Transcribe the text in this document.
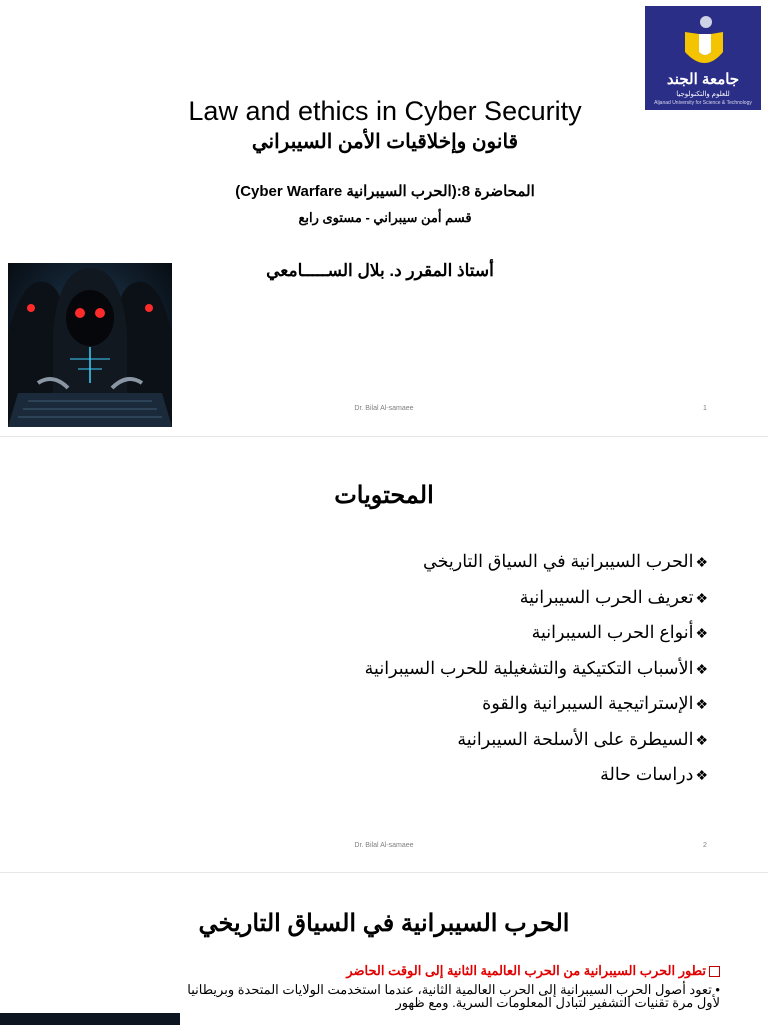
جامعة الجند
للعلوم والتكنولوجيا
Aljanad University for Science & Technology
Law and ethics in Cyber Security
قانون وإخلاقيات الأمن السيبراني
المحاضرة 8:(الحرب السيبرانية Cyber Warfare)
قسم أمن سيبراني - مستوى رابع
أستاذ المقرر د. بلال الســـــامعي
Dr. Bilal Al-samaee	1
المحتويات
❖الحرب السيبرانية في السياق التاريخي
❖تعريف الحرب السيبرانية
❖أنواع الحرب السيبرانية
❖الأسباب التكتيكية والتشغيلية للحرب السيبرانية
❖الإستراتيجية السيبرانية والقوة
❖السيطرة على الأسلحة السيبرانية
❖دراسات حالة
Dr. Bilal Al-samaee	2
الحرب السيبرانية في السياق التاريخي
تطور الحرب السيبرانية من الحرب العالمية الثانية إلى الوقت الحاضر
• تعود أصول الحرب السيبرانية إلى الحرب العالمية الثانية، عندما استخدمت الولايات المتحدة وبريطانيا لأول مرة تقنيات التشفير لتبادل المعلومات السرية. ومع ظهور
